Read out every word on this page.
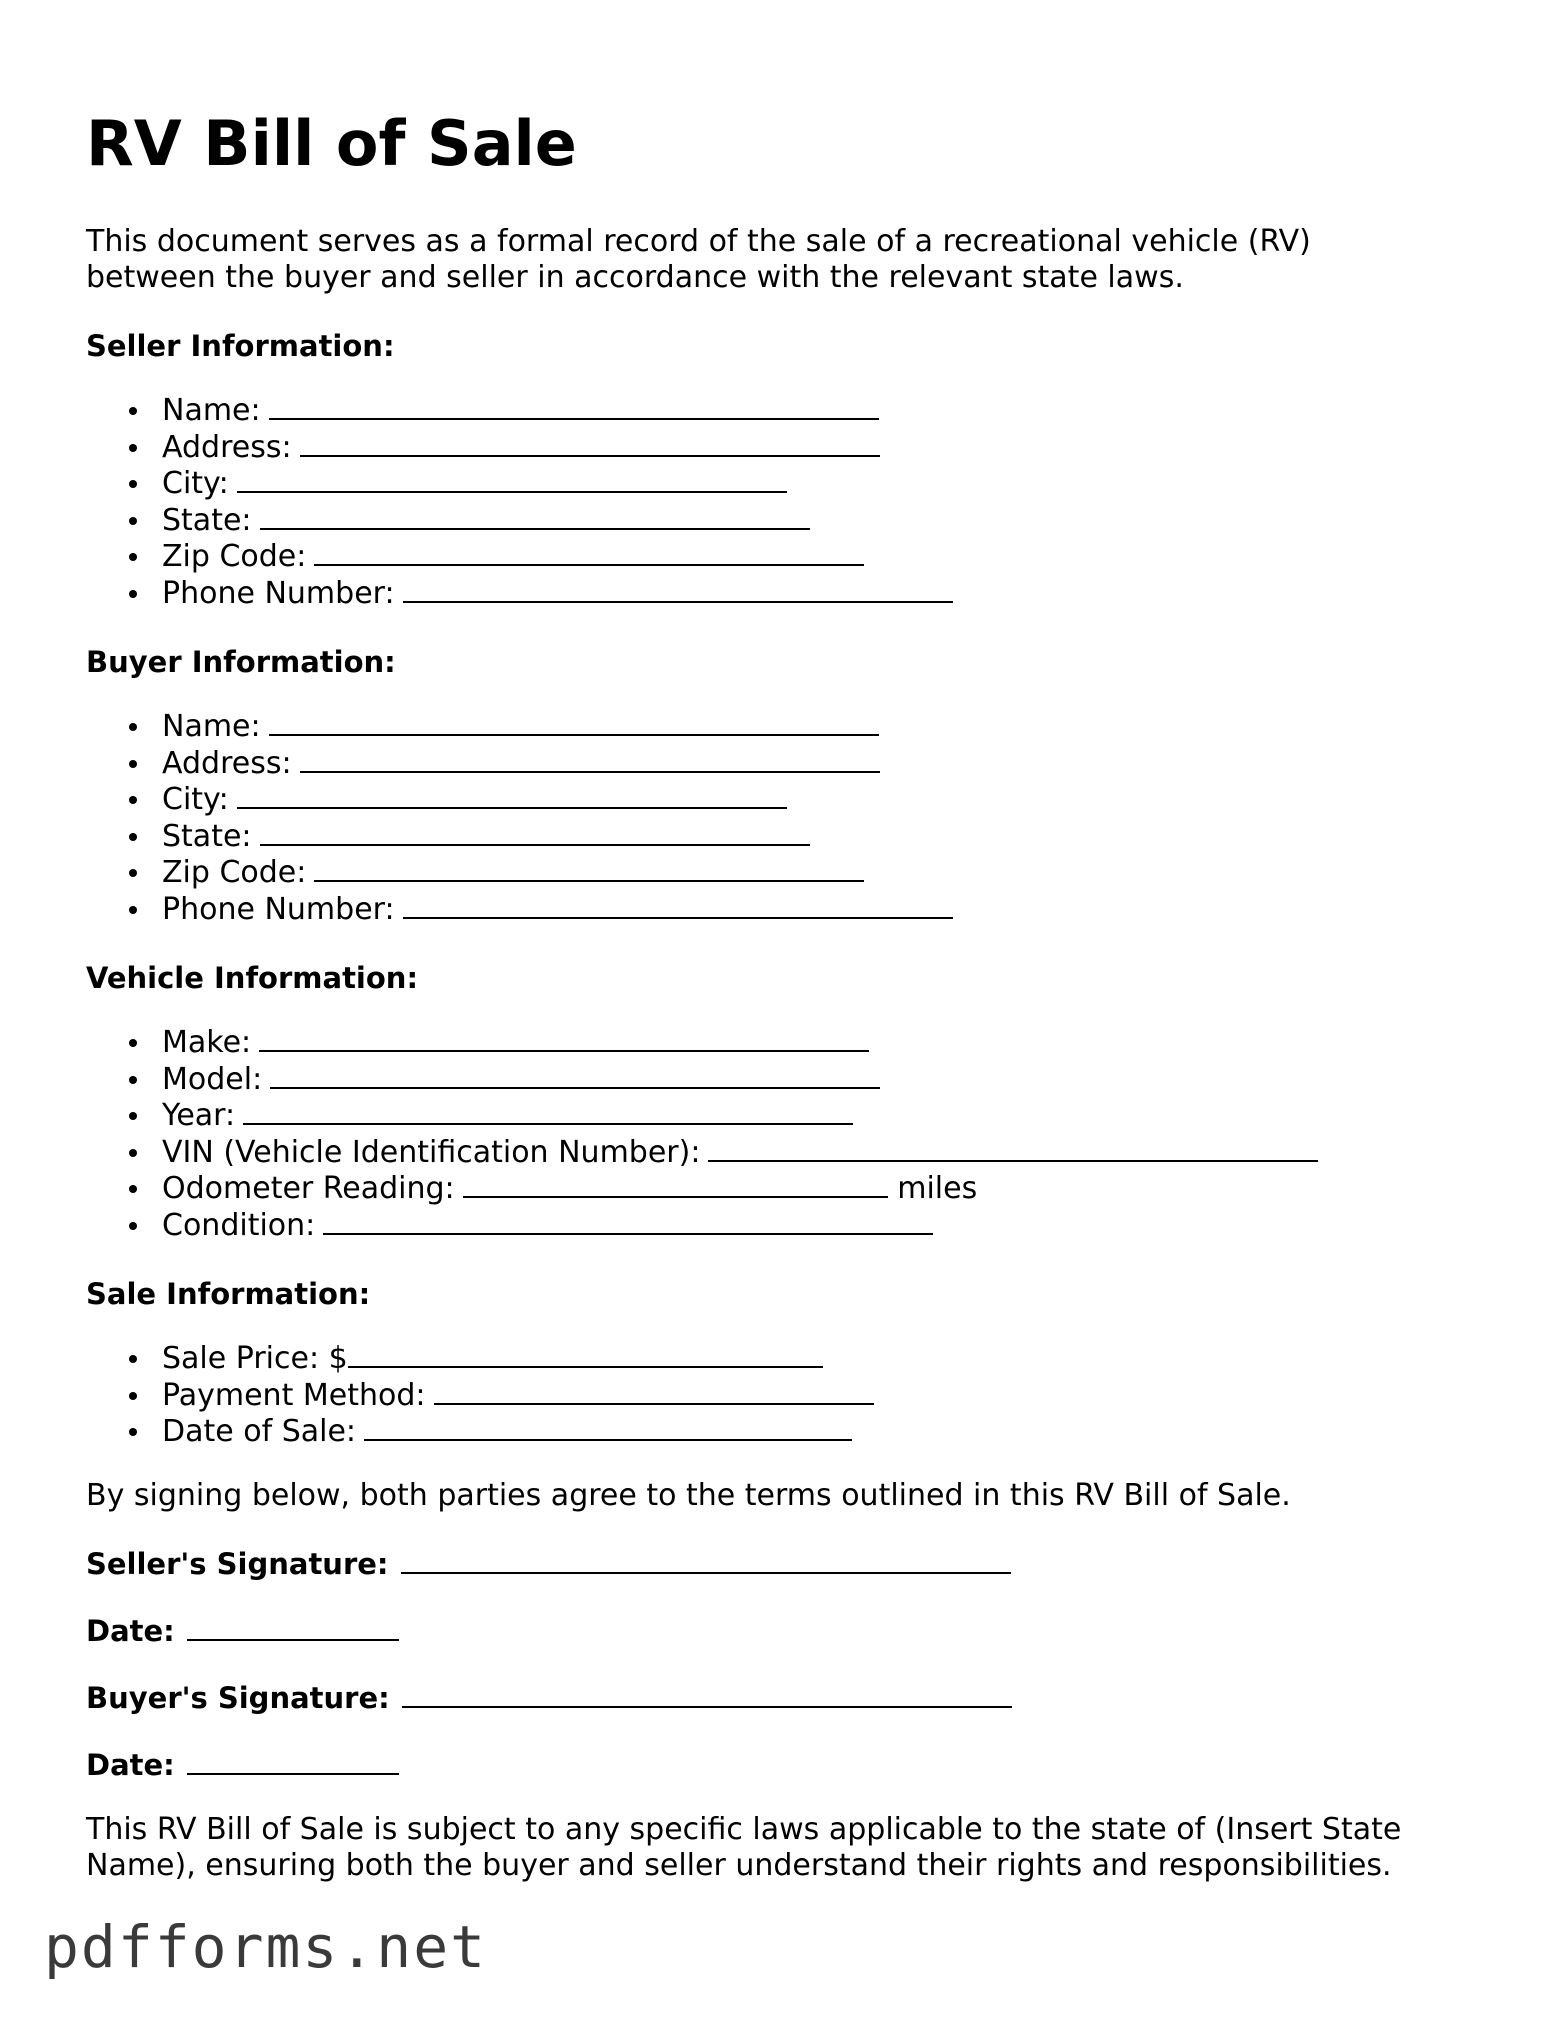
RV Bill of Sale

This document serves as a formal record of the sale of a recreational vehicle (RV) between the buyer and seller in accordance with the relevant state laws.

Seller Information:
Name:
Address:
City:
State:
Zip Code:
Phone Number:
Buyer Information:
Name:
Address:
City:
State:
Zip Code:
Phone Number:
Vehicle Information:
Make:
Model:
Year:
VIN (Vehicle Identification Number):
Odometer Reading:	miles
Condition:
Sale Information:
Sale Price: $
Payment Method:
Date of Sale:

By signing below, both parties agree to the terms outlined in this RV Bill of Sale.

Seller's Signature:
Date:
Buyer's Signature:
Date:

This RV Bill of Sale is subject to any specific laws applicable to the state of (Insert State Name), ensuring both the buyer and seller understand their rights and responsibilities.

pdfforms.net
